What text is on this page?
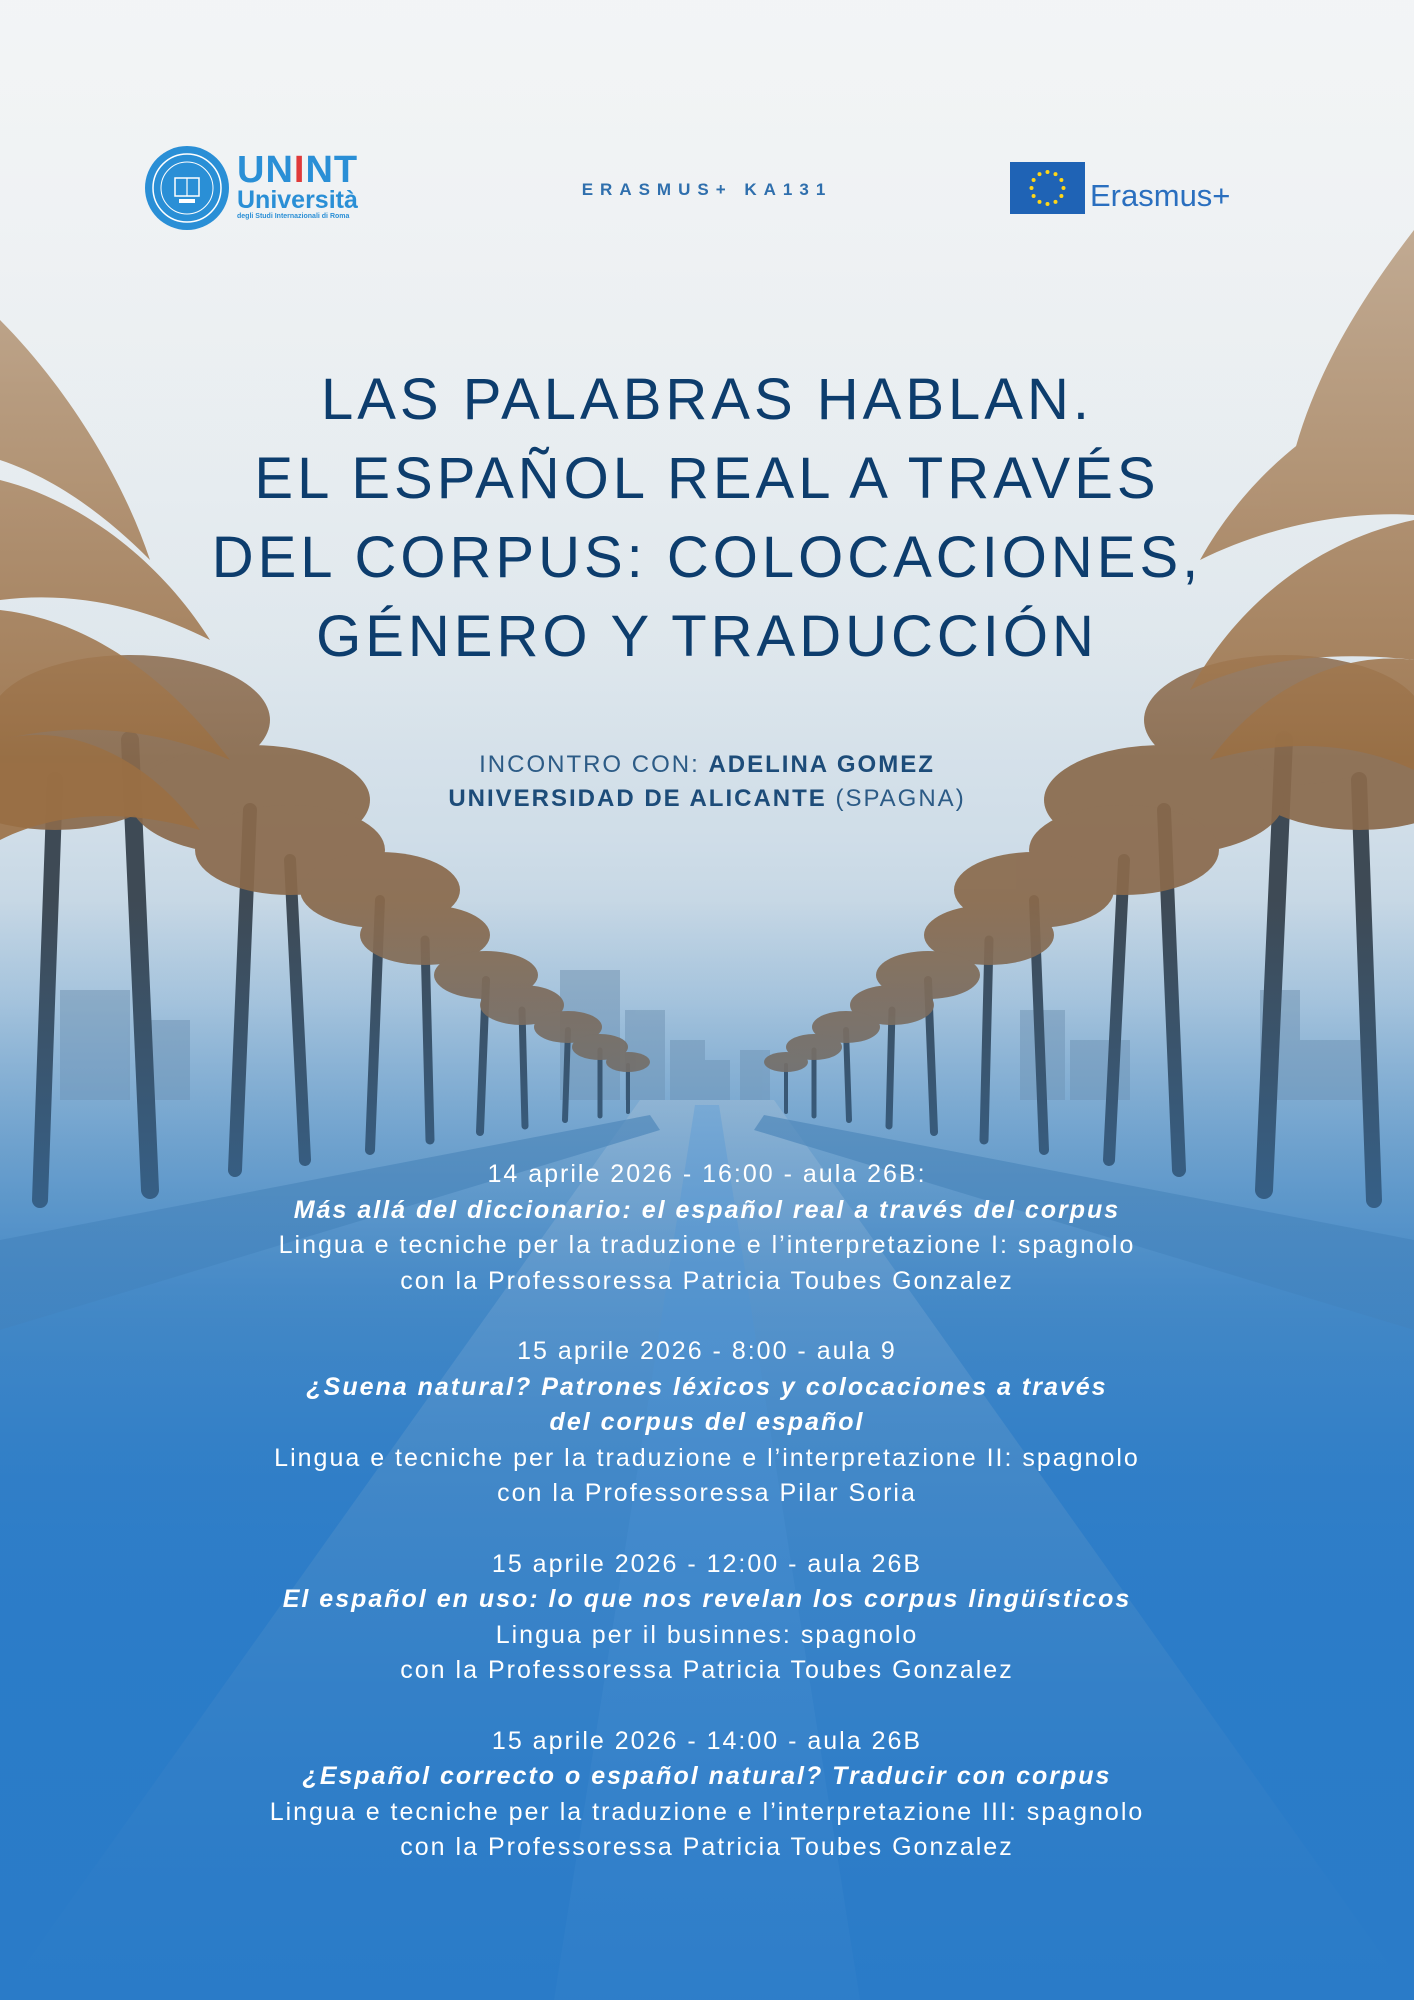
UNINT
Università
degli Studi Internazionali di Roma
ERASMUS+ KA131	Erasmus+
LAS PALABRAS HABLAN.
EL ESPAÑOL REAL A TRAVÉS
DEL CORPUS: COLOCACIONES,
GÉNERO Y TRADUCCIÓN
INCONTRO CON: ADELINA GOMEZ
UNIVERSIDAD DE ALICANTE (SPAGNA)
14 aprile 2026 - 16:00 - aula 26B:
Más allá del diccionario: el español real a través del corpus
Lingua e tecniche per la traduzione e l’interpretazione I: spagnolo
con la Professoressa Patricia Toubes Gonzalez
15 aprile 2026 - 8:00 - aula 9
¿Suena natural? Patrones léxicos y colocaciones a través
del corpus del español
Lingua e tecniche per la traduzione e l’interpretazione II: spagnolo
con la Professoressa Pilar Soria
15 aprile 2026 - 12:00 - aula 26B
El español en uso: lo que nos revelan los corpus lingüísticos
Lingua per il businnes: spagnolo
con la Professoressa Patricia Toubes Gonzalez
15 aprile 2026 - 14:00 - aula 26B
¿Español correcto o español natural? Traducir con corpus
Lingua e tecniche per la traduzione e l’interpretazione III: spagnolo
con la Professoressa Patricia Toubes Gonzalez
